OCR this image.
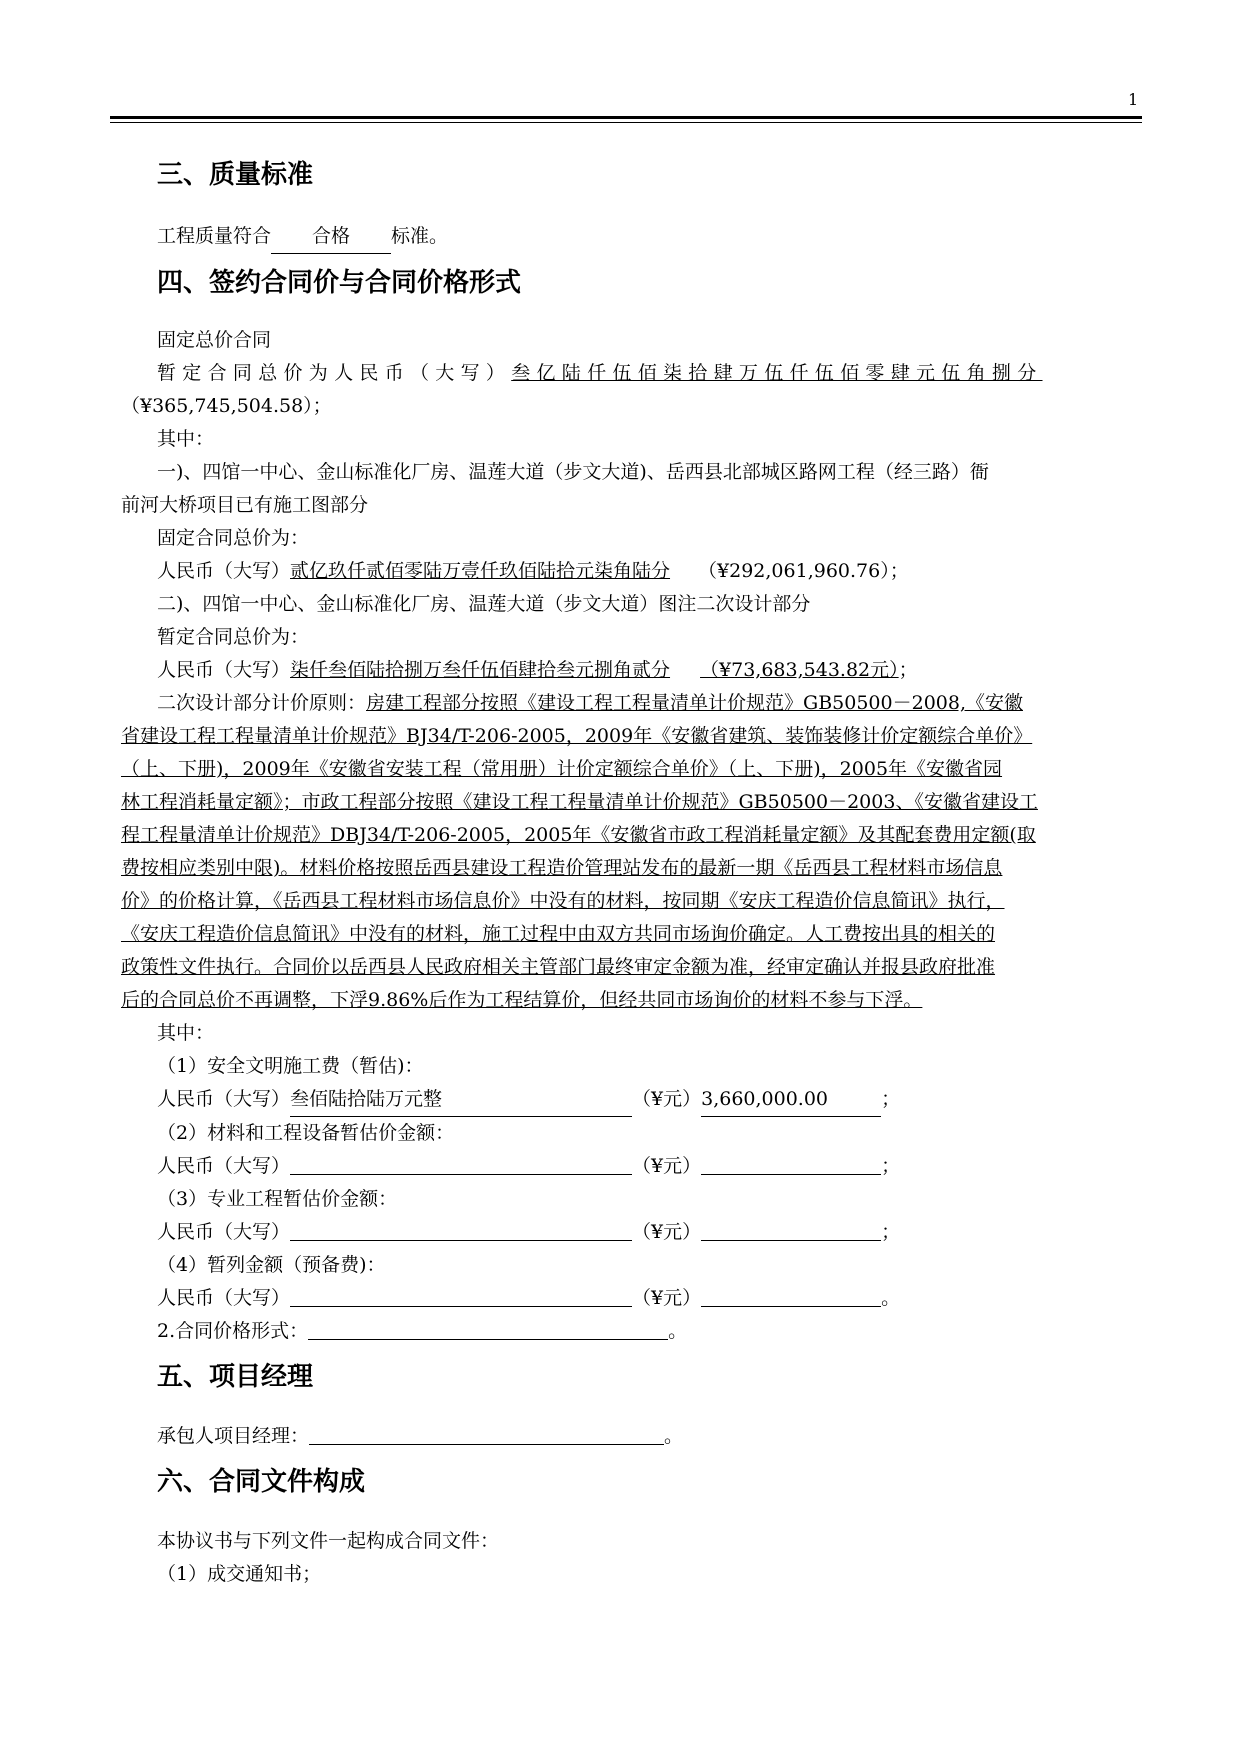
1
三、质量标准
工程质量符合 合格 标准。
四、签约合同价与合同价格形式
固定总价合同
暂定合同总价为人民币（大写）叁亿陆仟伍佰柒拾肆万伍仟伍佰零肆元伍角捌分
（¥365,745,504.58）；
其中：
一)、四馆一中心、金山标准化厂房、温莲大道（步文大道)、岳西县北部城区路网工程（经三路）衙
前河大桥项目已有施工图部分
固定合同总价为：
人民币（大写）贰亿玖仟贰佰零陆万壹仟玖佰陆拾元柒角陆分 （¥292,061,960.76）；
二)、四馆一中心、金山标准化厂房、温莲大道（步文大道）图注二次设计部分
暂定合同总价为：
人民币（大写）柒仟叁佰陆拾捌万叁仟伍佰肆拾叁元捌角贰分 （¥73,683,543.82元）；
二次设计部分计价原则：房建工程部分按照《建设工程工程量清单计价规范》GB50500－2008,《安徽
省建设工程工程量清单计价规范》BJ34/T-206-2005，2009年《安徽省建筑、装饰装修计价定额综合单价》
（上、下册)，2009年《安徽省安装工程（常用册）计价定额综合单价》（上、下册)，2005年《安徽省园
林工程消耗量定额》；市政工程部分按照《建设工程工程量清单计价规范》GB50500－2003、《安徽省建设工
程工程量清单计价规范》DBJ34/T-206-2005，2005年《安徽省市政工程消耗量定额》及其配套费用定额(取
费按相应类别中限)。材料价格按照岳西县建设工程造价管理站发布的最新一期《岳西县工程材料市场信息
价》的价格计算，《岳西县工程材料市场信息价》中没有的材料，按同期《安庆工程造价信息简讯》执行，
《安庆工程造价信息简讯》中没有的材料，施工过程中由双方共同市场询价确定。人工费按出具的相关的
政策性文件执行。合同价以岳西县人民政府相关主管部门最终审定金额为准，经审定确认并报县政府批准
后的合同总价不再调整，下浮9.86%后作为工程结算价，但经共同市场询价的材料不参与下浮。
其中：
（1）安全文明施工费（暂估)：
人民币（大写）叁佰陆拾陆万元整	（¥元）3,660,000.00	；
（2）材料和工程设备暂估价金额：
人民币（大写）	（¥元）	；
（3）专业工程暂估价金额：
人民币（大写）	（¥元）	；
（4）暂列金额（预备费)：
人民币（大写）	（¥元）	。
2.合同价格形式：	。
五、项目经理
承包人项目经理：	。
六、合同文件构成
本协议书与下列文件一起构成合同文件：
（1）成交通知书；
